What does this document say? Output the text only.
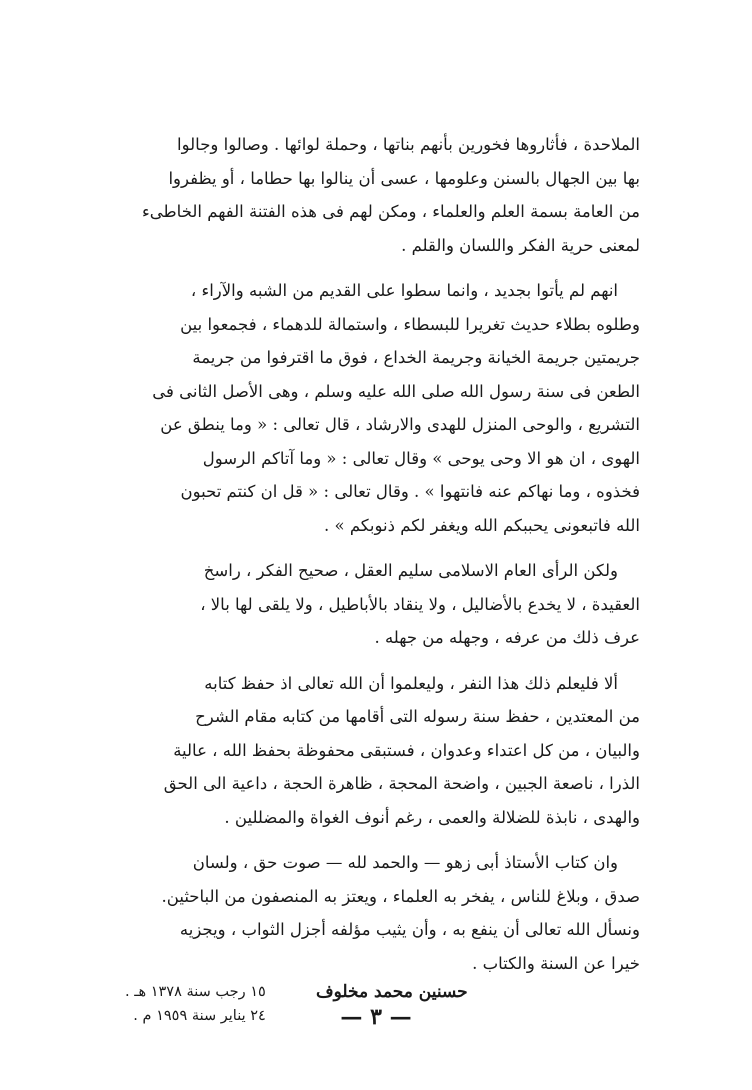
الملاحدة ، فأثاروها فخورين بأنهم بناتها ، وحملة لوائها . وصالوا وجالوا
بها بين الجهال بالسنن وعلومها ، عسى أن ينالوا بها حطاما ، أو يظفروا
من العامة بسمة العلم والعلماء ، ومكن لهم فى هذه الفتنة الفهم الخاطىء
لمعنى حرية الفكر واللسان والقلم .

انهم لم يأتوا بجديد ، وانما سطوا على القديم من الشبه والآراء ،
وطلوه بطلاء حديث تغريرا للبسطاء ، واستمالة للدهماء ، فجمعوا بين
جريمتين جريمة الخيانة وجريمة الخداع ، فوق ما اقترفوا من جريمة
الطعن فى سنة رسول الله صلى الله عليه وسلم ، وهى الأصل الثانى فى
التشريع ، والوحى المنزل للهدى والارشاد ، قال تعالى : « وما ينطق عن
الهوى ، ان هو الا وحى يوحى » وقال تعالى : « وما آتاكم الرسول
فخذوه ، وما نهاكم عنه فانتهوا » . وقال تعالى : « قل ان كنتم تحبون
الله فاتبعونى يحببكم الله ويغفر لكم ذنوبكم » .

ولكن الرأى العام الاسلامى سليم العقل ، صحيح الفكر ، راسخ
العقيدة ، لا يخدع بالأضاليل ، ولا ينقاد بالأباطيل ، ولا يلقى لها بالا ،
عرف ذلك من عرفه ، وجهله من جهله .

ألا فليعلم ذلك هذا النفر ، وليعلموا أن الله تعالى اذ حفظ كتابه
من المعتدين ، حفظ سنة رسوله التى أقامها من كتابه مقام الشرح
والبيان ، من كل اعتداء وعدوان ، فستبقى محفوظة بحفظ الله ، عالية
الذرا ، ناصعة الجبين ، واضحة المحجة ، ظاهرة الحجة ، داعية الى الحق
والهدى ، نابذة للضلالة والعمى ، رغم أنوف الغواة والمضللين .

وان كتاب الأستاذ أبى زهو — والحمد لله — صوت حق ، ولسان
صدق ، وبلاغ للناس ، يفخر به العلماء ، ويعتز به المنصفون من الباحثين.
ونسأل الله تعالى أن ينفع به ، وأن يثيب مؤلفه أجزل الثواب ، ويجزيه
خيرا عن السنة والكتاب .

حسنين محمد مخلوف
١٥ رجب سنة ١٣٧٨ هـ .
٢٤ يناير سنة ١٩٥٩ م .	— ٣ —
